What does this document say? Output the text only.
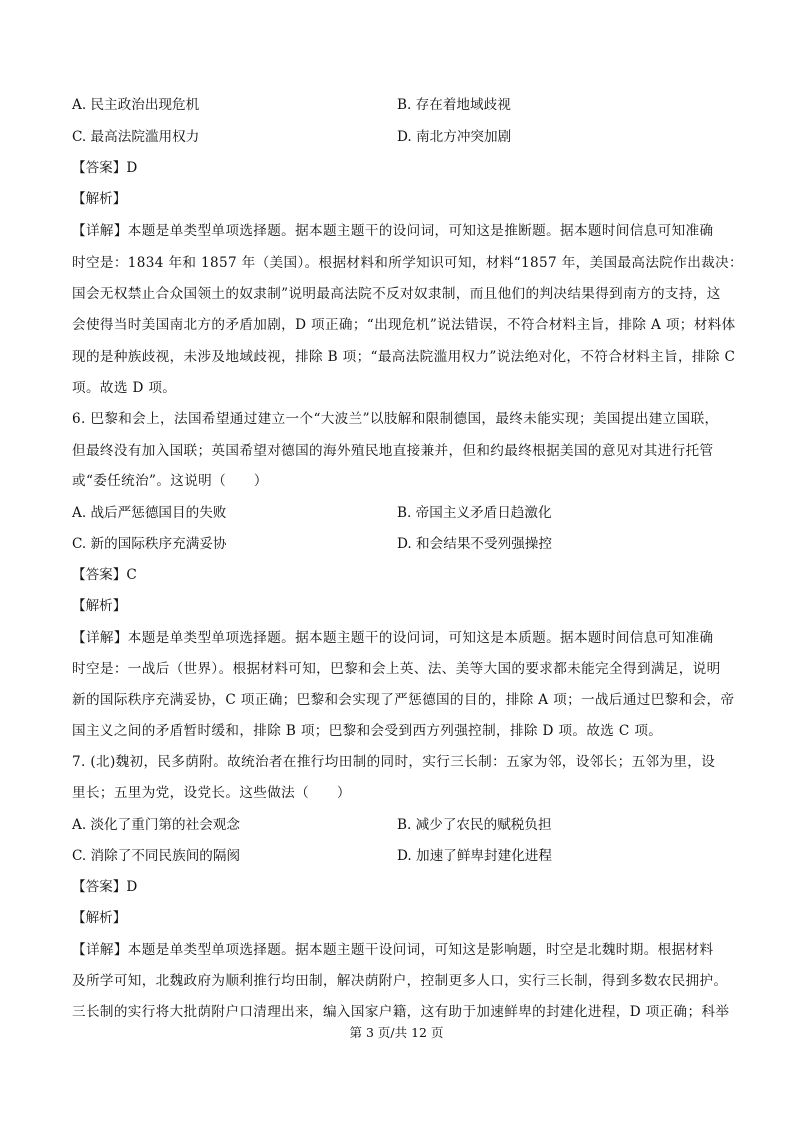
A. 民主政治出现危机	B. 存在着地域歧视
C. 最高法院滥用权力	D. 南北方冲突加剧
【答案】D
【解析】
【详解】本题是单类型单项选择题。据本题主题干的设问词，可知这是推断题。据本题时间信息可知准确
时空是：1834 年和 1857 年（美国）。根据材料和所学知识可知，材料“1857 年，美国最高法院作出裁决：
国会无权禁止合众国领土的奴隶制”说明最高法院不反对奴隶制，而且他们的判决结果得到南方的支持，这
会使得当时美国南北方的矛盾加剧，D 项正确；“出现危机”说法错误，不符合材料主旨，排除 A 项；材料体
现的是种族歧视，未涉及地域歧视，排除 B 项；“最高法院滥用权力”说法绝对化，不符合材料主旨，排除 C
项。故选 D 项。
6. 巴黎和会上，法国希望通过建立一个“大波兰”以肢解和限制德国，最终未能实现；美国提出建立国联，
但最终没有加入国联；英国希望对德国的海外殖民地直接兼并，但和约最终根据美国的意见对其进行托管
或“委任统治”。这说明（　　）
A. 战后严惩德国目的失败	B. 帝国主义矛盾日趋激化
C. 新的国际秩序充满妥协	D. 和会结果不受列强操控
【答案】C
【解析】
【详解】本题是单类型单项选择题。据本题主题干的设问词，可知这是本质题。据本题时间信息可知准确
时空是：一战后（世界）。根据材料可知，巴黎和会上英、法、美等大国的要求都未能完全得到满足，说明
新的国际秩序充满妥协，C 项正确；巴黎和会实现了严惩德国的目的，排除 A 项；一战后通过巴黎和会，帝
国主义之间的矛盾暂时缓和，排除 B 项；巴黎和会受到西方列强控制，排除 D 项。故选 C 项。
7. (北)魏初，民多荫附。故统治者在推行均田制的同时，实行三长制：五家为邻，设邻长；五邻为里，设
里长；五里为党，设党长。这些做法（　　）
A. 淡化了重门第的社会观念	B. 减少了农民的赋税负担
C. 消除了不同民族间的隔阂	D. 加速了鲜卑封建化进程
【答案】D
【解析】
【详解】本题是单类型单项选择题。据本题主题干设问词，可知这是影响题，时空是北魏时期。根据材料
及所学可知，北魏政府为顺利推行均田制，解决荫附户，控制更多人口，实行三长制，得到多数农民拥护。
三长制的实行将大批荫附户口清理出来，编入国家户籍，这有助于加速鲜卑的封建化进程，D 项正确；科举
第 3 页/共 12 页
